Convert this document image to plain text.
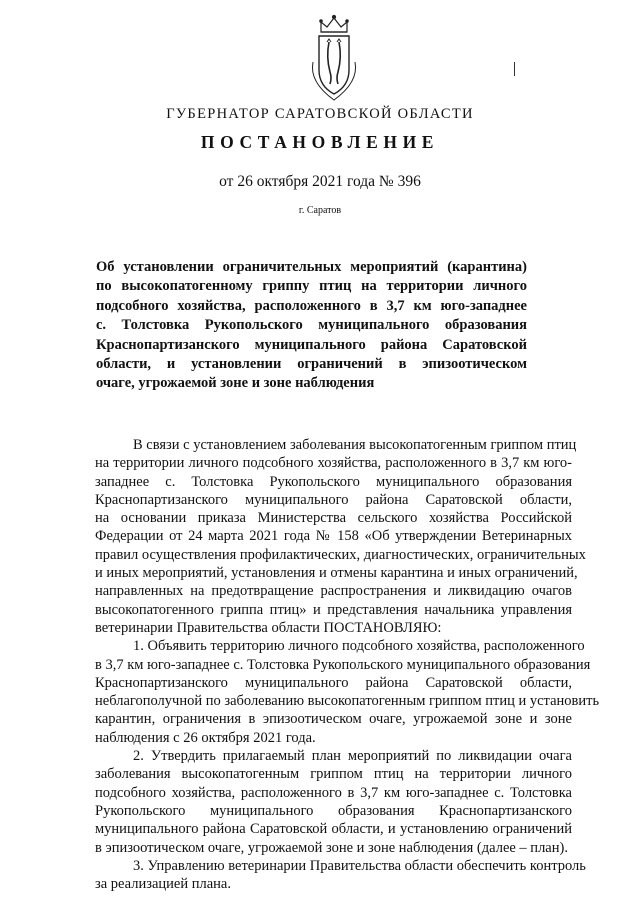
ГУБЕРНАТОР САРАТОВСКОЙ ОБЛАСТИ
ПОСТАНОВЛЕНИЕ
от 26 октября 2021 года № 396
г. Саратов
Об установлении ограничительных мероприятий (карантина)
по высокопатогенному гриппу птиц на территории личного
подсобного хозяйства, расположенного в 3,7 км юго-западнее
с. Толстовка Рукопольского муниципального образования
Краснопартизанского муниципального района Саратовской
области, и установлении ограничений в эпизоотическом
очаге, угрожаемой зоне и зоне наблюдения
В связи с установлением заболевания высокопатогенным гриппом птиц
на территории личного подсобного хозяйства, расположенного в 3,7 км юго-
западнее с. Толстовка Рукопольского муниципального образования
Краснопартизанского муниципального района Саратовской области,
на основании приказа Министерства сельского хозяйства Российской
Федерации от 24 марта 2021 года № 158 «Об утверждении Ветеринарных
правил осуществления профилактических, диагностических, ограничительных
и иных мероприятий, установления и отмены карантина и иных ограничений,
направленных на предотвращение распространения и ликвидацию очагов
высокопатогенного гриппа птиц» и представления начальника управления
ветеринарии Правительства области ПОСТАНОВЛЯЮ:
1. Объявить территорию личного подсобного хозяйства, расположенного
в 3,7 км юго-западнее с. Толстовка Рукопольского муниципального образования
Краснопартизанского муниципального района Саратовской области,
неблагополучной по заболеванию высокопатогенным гриппом птиц и установить
карантин, ограничения в эпизоотическом очаге, угрожаемой зоне и зоне
наблюдения с 26 октября 2021 года.
2. Утвердить прилагаемый план мероприятий по ликвидации очага
заболевания высокопатогенным гриппом птиц на территории личного
подсобного хозяйства, расположенного в 3,7 км юго-западнее с. Толстовка
Рукопольского муниципального образования Краснопартизанского
муниципального района Саратовской области, и установлению ограничений
в эпизоотическом очаге, угрожаемой зоне и зоне наблюдения (далее – план).
3. Управлению ветеринарии Правительства области обеспечить контроль
за реализацией плана.
